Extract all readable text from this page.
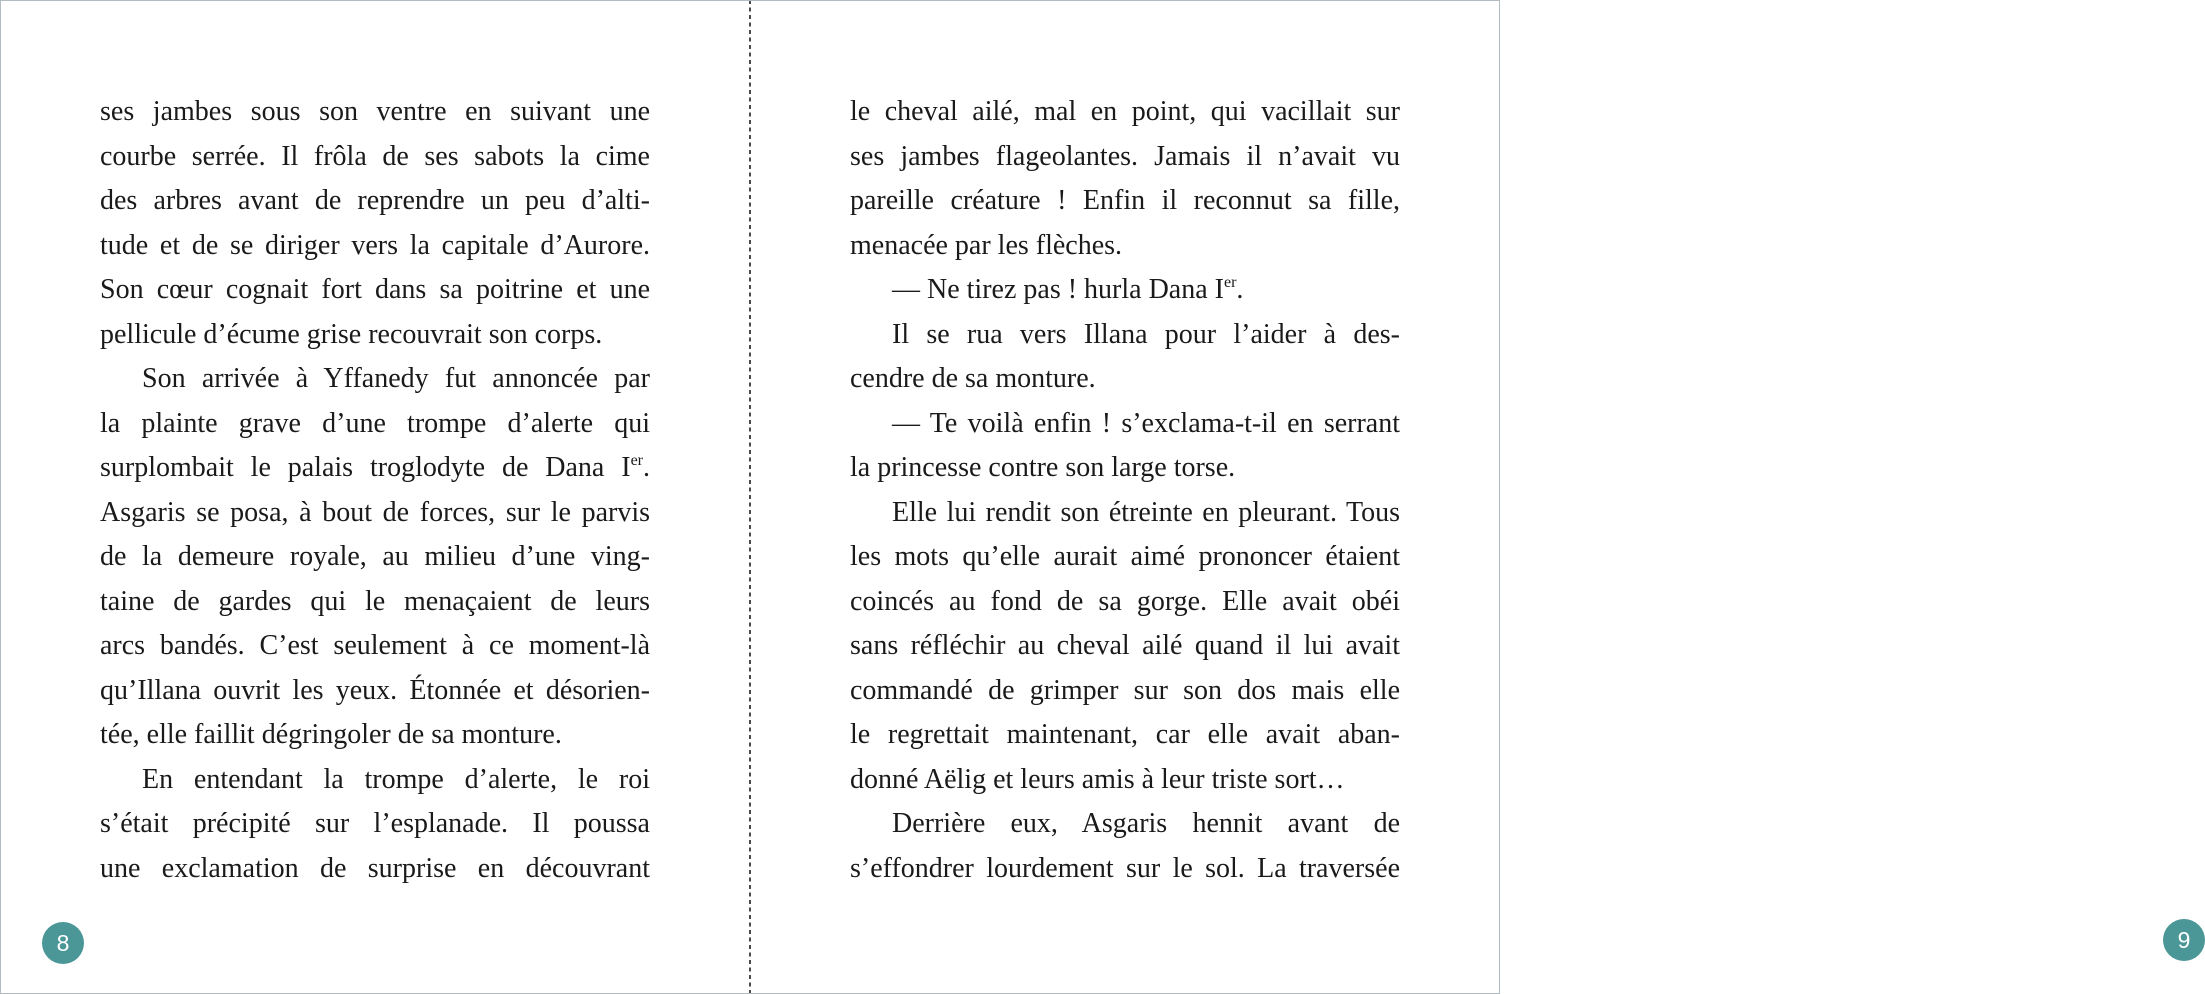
ses jambes sous son ventre en suivant une
courbe serrée. Il frôla de ses sabots la cime
des arbres avant de reprendre un peu d’alti-
tude et de se diriger vers la capitale d’Aurore.
Son cœur cognait fort dans sa poitrine et une
pellicule d’écume grise recouvrait son corps.
Son arrivée à Yffanedy fut annoncée par
la plainte grave d’une trompe d’alerte qui
surplombait le palais troglodyte de Dana Ier.
Asgaris se posa, à bout de forces, sur le parvis
de la demeure royale, au milieu d’une ving-
taine de gardes qui le menaçaient de leurs
arcs bandés. C’est seulement à ce moment-là
qu’Illana ouvrit les yeux. Étonnée et désorien-
tée, elle faillit dégringoler de sa monture.
En entendant la trompe d’alerte, le roi
s’était précipité sur l’esplanade. Il poussa
une exclamation de surprise en découvrant
8
le cheval ailé, mal en point, qui vacillait sur
ses jambes flageolantes. Jamais il n’avait vu
pareille créature ! Enfin il reconnut sa fille,
menacée par les flèches.
— Ne tirez pas ! hurla Dana Ier.
Il se rua vers Illana pour l’aider à des-
cendre de sa monture.
— Te voilà enfin ! s’exclama-t-il en serrant
la princesse contre son large torse.
Elle lui rendit son étreinte en pleurant. Tous
les mots qu’elle aurait aimé prononcer étaient
coincés au fond de sa gorge. Elle avait obéi
sans réfléchir au cheval ailé quand il lui avait
commandé de grimper sur son dos mais elle
le regrettait maintenant, car elle avait aban-
donné Aëlig et leurs amis à leur triste sort…
Derrière eux, Asgaris hennit avant de
s’effondrer lourdement sur le sol. La traversée
9
